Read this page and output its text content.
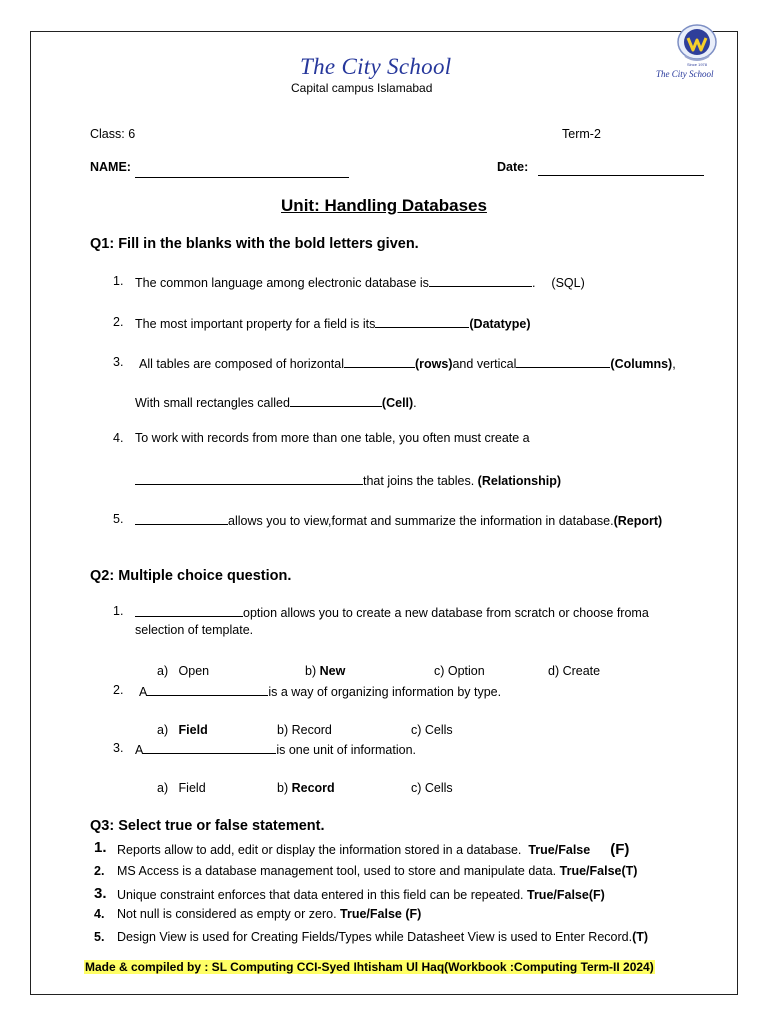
The City School
Capital campus Islamabad
Since 1978
The City School
Class: 6	Term-2
NAME:	Date:
Unit: Handling Databases
Q1: Fill in the blanks with the bold letters given.
1. The common language among electronic database is	. (SQL)
2. The most important property for a field is its	(Datatype)
3. All tables are composed of horizontal	(rows)and vertical	(Columns),
With small rectangles called	(Cell).
4. To work with records from more than one table, you often must create a
that joins the tables. (Relationship)
5.	allows you to view,format and summarize the information in database.(Report)
Q2: Multiple choice question.
1.	option allows you to create a new database from scratch or choose froma
selection of template.
a) Open	b) New	c) Option	d) Create
2. A	is a way of organizing information by type.
a) Field	b) Record	c) Cells
3. A	is one unit of information.
a) Field	b) Record	c) Cells
Q3: Select true or false statement.
1. Reports allow to add, edit or display the information stored in a database. True/False (F)
2. MS Access is a database management tool, used to store and manipulate data. True/False(T)
3. Unique constraint enforces that data entered in this field can be repeated. True/False(F)
4. Not null is considered as empty or zero. True/False (F)
5. Design View is used for Creating Fields/Types while Datasheet View is used to Enter Record.(T)
Made & compiled by : SL Computing CCI-Syed Ihtisham Ul Haq(Workbook :Computing Term-II 2024)
